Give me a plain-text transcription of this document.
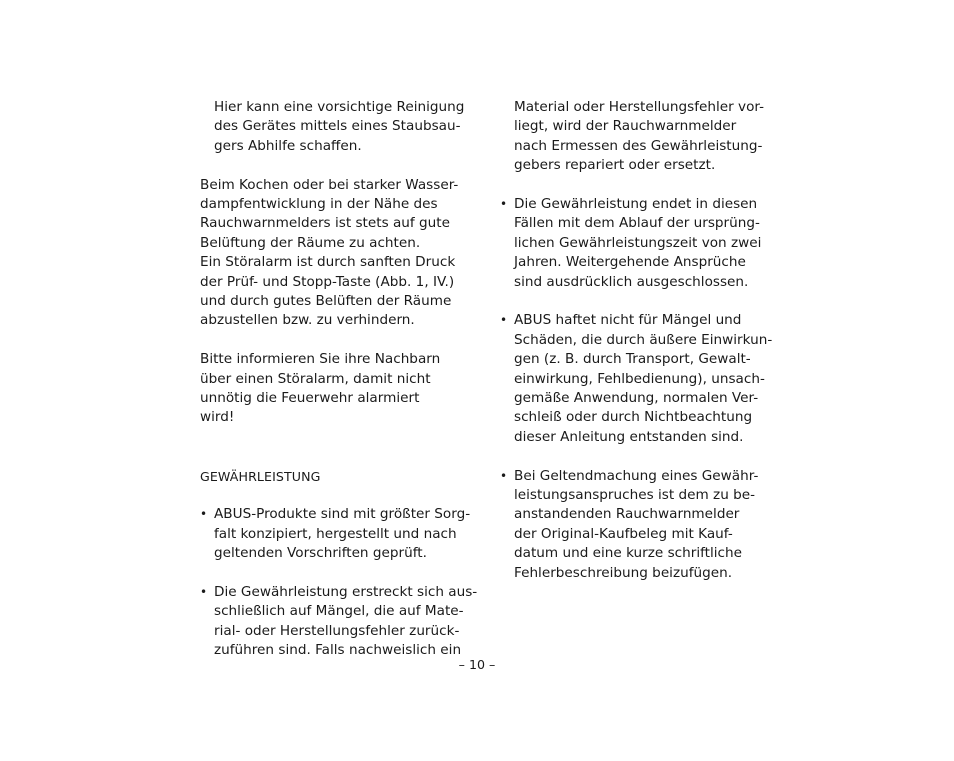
Hier kann eine vorsichtige Reinigung
des Gerätes mittels eines Staubsau-
gers Abhilfe schaffen.
Beim Kochen oder bei starker Wasser-
dampfentwicklung in der Nähe des
Rauchwarnmelders ist stets auf gute
Belüftung der Räume zu achten.
Ein Störalarm ist durch sanften Druck
der Prüf- und Stopp-Taste (Abb. 1, IV.)
und durch gutes Belüften der Räume
abzustellen bzw. zu verhindern.
Bitte informieren Sie ihre Nachbarn
über einen Störalarm, damit nicht
unnötig die Feuerwehr alarmiert
wird!
GEWÄHRLEISTUNG
• ABUS-Produkte sind mit größter Sorg-
falt konzipiert, hergestellt und nach
geltenden Vorschriften geprüft.
• Die Gewährleistung erstreckt sich aus-
schließlich auf Mängel, die auf Mate-
rial- oder Herstellungsfehler zurück-
zuführen sind. Falls nachweislich ein
Material oder Herstellungsfehler vor-
liegt, wird der Rauchwarnmelder
nach Ermessen des Gewährleistung-
gebers repariert oder ersetzt.
• Die Gewährleistung endet in diesen
Fällen mit dem Ablauf der ursprüng-
lichen Gewährleistungszeit von zwei
Jahren. Weitergehende Ansprüche
sind ausdrücklich ausgeschlossen.
• ABUS haftet nicht für Mängel und
Schäden, die durch äußere Einwirkun-
gen (z. B. durch Transport, Gewalt-
einwirkung, Fehlbedienung), unsach-
gemäße Anwendung, normalen Ver-
schleiß oder durch Nichtbeachtung
dieser Anleitung entstanden sind.
• Bei Geltendmachung eines Gewähr-
leistungsanspruches ist dem zu be-
anstandenden Rauchwarnmelder
der Original-Kaufbeleg mit Kauf-
datum und eine kurze schriftliche
Fehlerbeschreibung beizufügen.
– 10 –
